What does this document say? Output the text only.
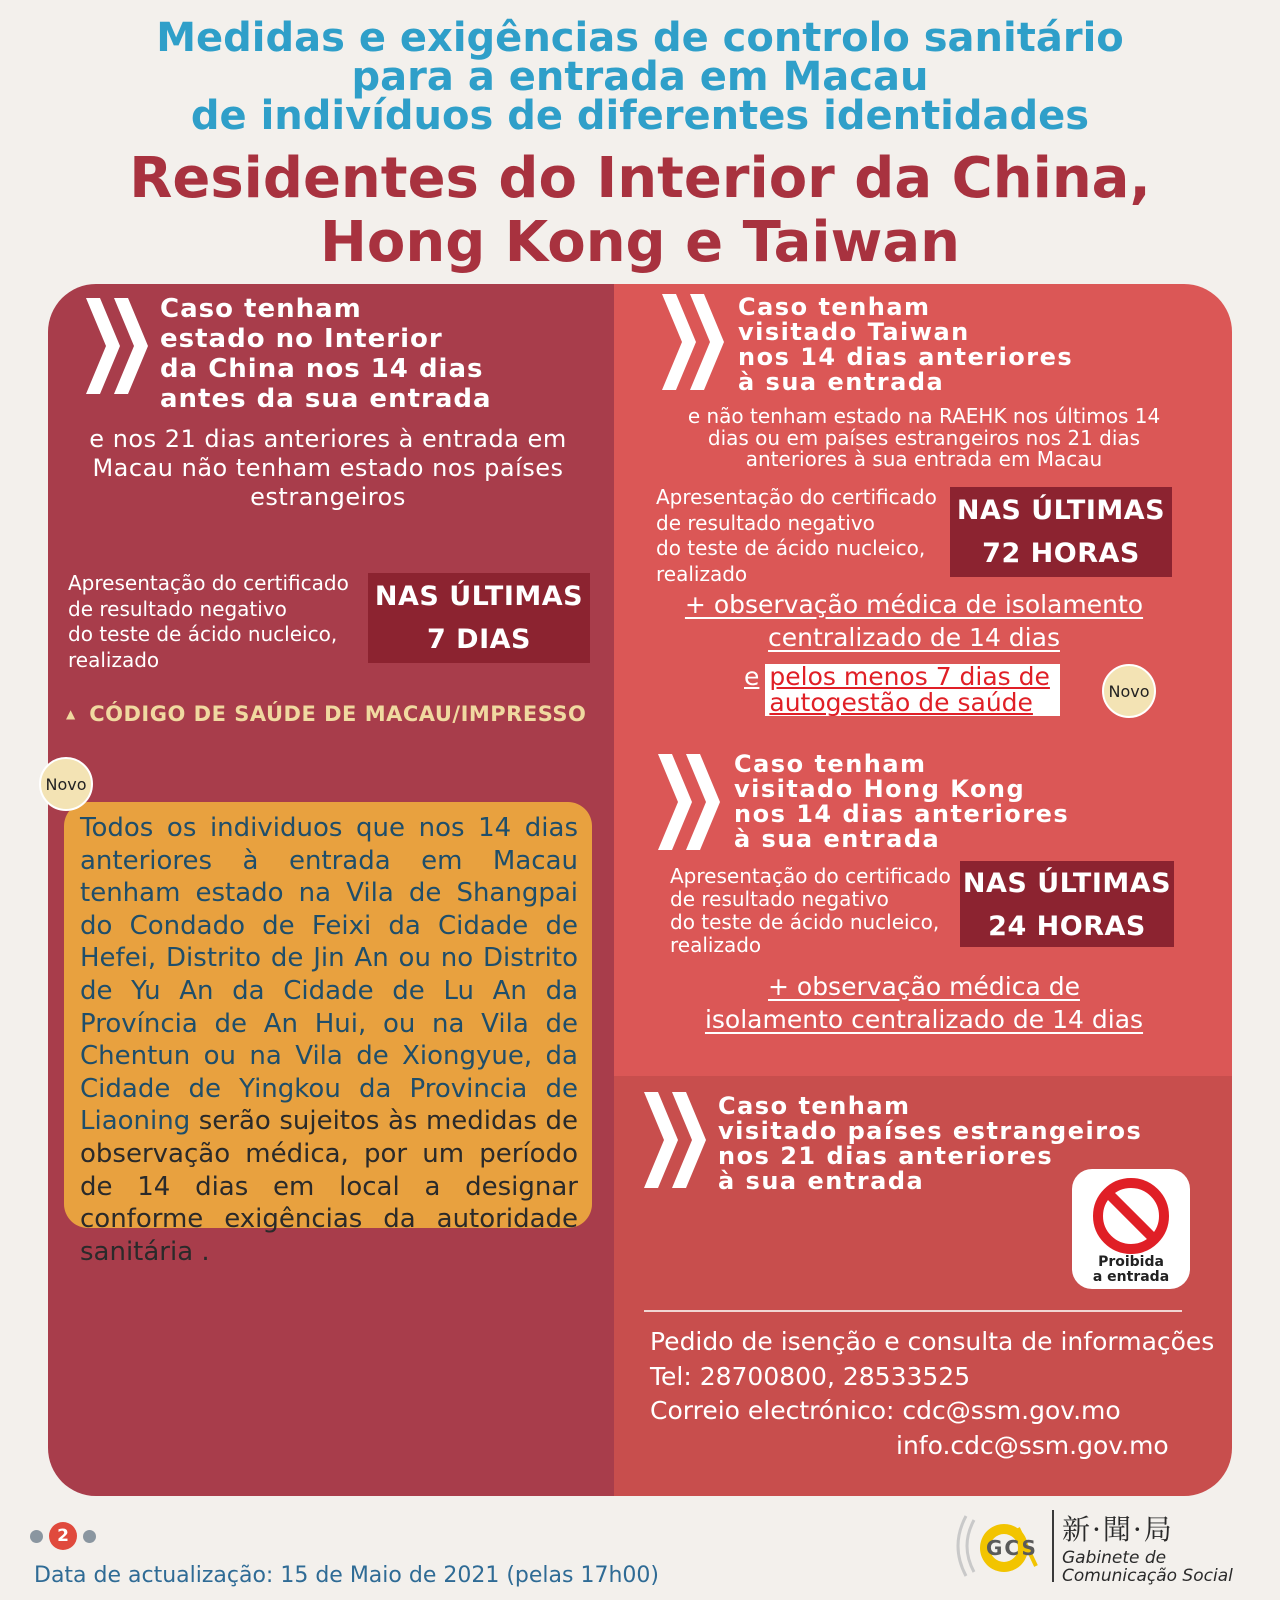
Medidas e exigências de controlo sanitário
para a entrada em Macau
de indivíduos de diferentes identidades
Residentes do Interior da China,
Hong Kong e Taiwan
Caso tenham
estado no Interior
da China nos 14 dias
antes da sua entrada
e nos 21 dias anteriores à entrada em
Macau não tenham estado nos países
estrangeiros
Apresentação do certificado
de resultado negativo
do teste de ácido nucleico,
realizado
NAS ÚLTIMAS
7 DIAS
▲ CÓDIGO DE SAÚDE DE MACAU/IMPRESSO
Todos os individuos que nos 14 dias anteriores à entrada em Macau tenham estado na Vila de Shangpai do Condado de Feixi da Cidade de Hefei, Distrito de Jin An ou no Distrito de Yu An da Cidade de Lu An da Província de An Hui, ou na Vila de Chentun ou na Vila de Xiongyue, da Cidade de Yingkou da Provincia de Liaoning serão sujeitos às medidas de observação médica, por um período de 14 dias em local a designar conforme exigências da autoridade sanitária .
Caso tenham
visitado Taiwan
nos 14 dias anteriores
à sua entrada
e não tenham estado na RAEHK nos últimos 14
dias ou em países estrangeiros nos 21 dias
anteriores à sua entrada em Macau
Apresentação do certificado
de resultado negativo
do teste de ácido nucleico,
realizado
NAS ÚLTIMAS
72 HORAS
+ observação médica de isolamento
centralizado de 14 dias
e pelos menos 7 dias de
autogestão de saúde	Novo
Caso tenham
visitado Hong Kong
nos 14 dias anteriores
à sua entrada
Apresentação do certificado
de resultado negativo
do teste de ácido nucleico,
realizado
NAS ÚLTIMAS
24 HORAS
+ observação médica de
isolamento centralizado de 14 dias
Caso tenham
visitado países estrangeiros
nos 21 dias anteriores
à sua entrada
Proibida
a entrada
Pedido de isenção e consulta de informações
Tel: 28700800, 28533525
Correio electrónico: cdc@ssm.gov.mo
info.cdc@ssm.gov.mo
Novo
2
Data de actualização: 15 de Maio de 2021 (pelas 17h00)
GCS
新·聞·局
Gabinete de
Comunicação Social
